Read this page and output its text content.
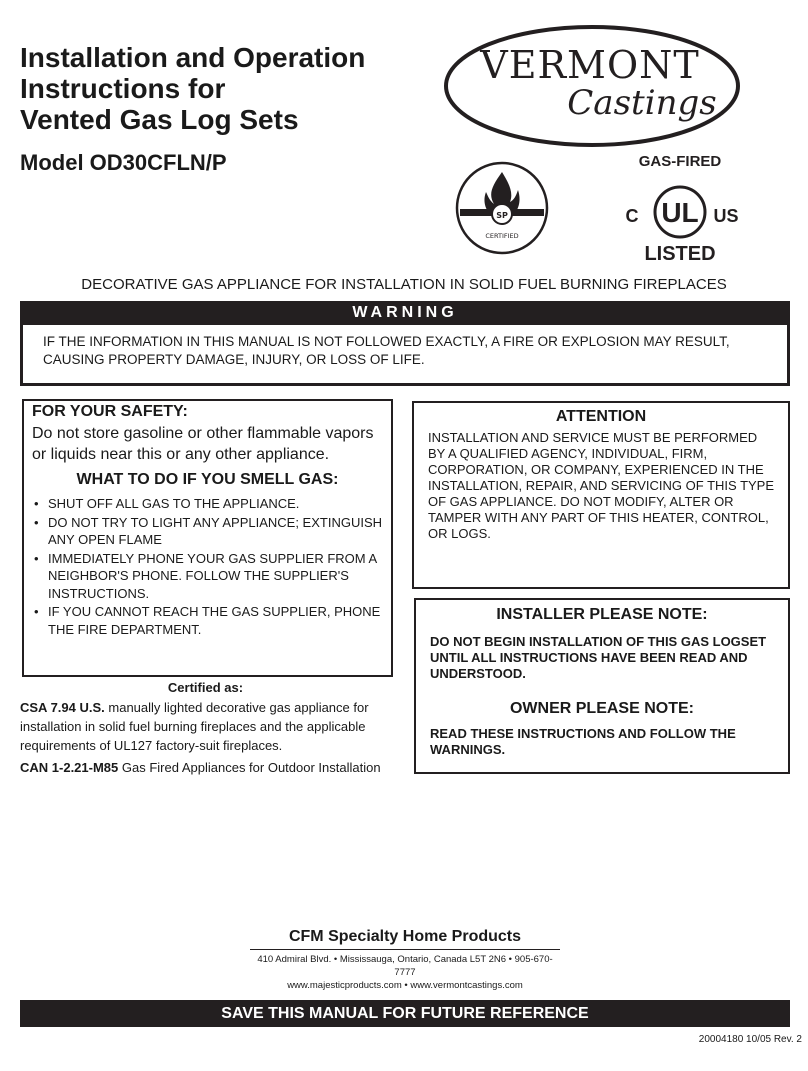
Installation and Operation
Instructions for
Vented Gas Log Sets
Model OD30CFLN/P
VERMONT
Castings
SP
CERTIFIED
GAS-FIRED
UL
C	US
LISTED
DECORATIVE GAS APPLIANCE FOR INSTALLATION IN SOLID FUEL BURNING FIREPLACES
WARNING
IF THE INFORMATION IN THIS MANUAL IS NOT FOLLOWED EXACTLY, A FIRE OR EXPLOSION MAY RESULT, CAUSING PROPERTY DAMAGE, INJURY, OR LOSS OF LIFE.
FOR YOUR SAFETY:

Do not store gasoline or other flammable vapors or liquids near this or any other appliance.

WHAT TO DO IF YOU SMELL GAS:
• SHUT OFF ALL GAS TO THE APPLIANCE.
• DO NOT TRY TO LIGHT ANY APPLIANCE; EXTINGUISH ANY OPEN FLAME
• IMMEDIATELY PHONE YOUR GAS SUPPLIER FROM A NEIGHBOR'S PHONE. FOLLOW THE SUPPLIER'S INSTRUCTIONS.
• IF YOU CANNOT REACH THE GAS SUPPLIER, PHONE THE FIRE DEPARTMENT.
Certified as:

CSA 7.94 U.S. manually lighted decorative gas appliance for installation in solid fuel burning fireplaces and the applicable requirements of UL127 factory-suit fireplaces.

CAN 1-2.21-M85 Gas Fired Appliances for Outdoor Installation

ATTENTION

INSTALLATION AND SERVICE MUST BE PERFORMED BY A QUALIFIED AGENCY, INDIVIDUAL, FIRM, CORPORATION, OR COMPANY, EXPERIENCED IN THE INSTALLATION, REPAIR, AND SERVICING OF THIS TYPE OF GAS APPLIANCE. DO NOT MODIFY, ALTER OR TAMPER WITH ANY PART OF THIS HEATER, CONTROL, OR LOGS.

INSTALLER PLEASE NOTE:

DO NOT BEGIN INSTALLATION OF THIS GAS LOGSET UNTIL ALL INSTRUCTIONS HAVE BEEN READ AND UNDERSTOOD.

OWNER PLEASE NOTE:

READ THESE INSTRUCTIONS AND FOLLOW THE WARNINGS.

CFM Specialty Home Products
410 Admiral Blvd. • Mississauga, Ontario, Canada L5T 2N6 • 905-670-7777
www.majesticproducts.com • www.vermontcastings.com
SAVE THIS MANUAL FOR FUTURE REFERENCE
20004180 10/05 Rev. 2
